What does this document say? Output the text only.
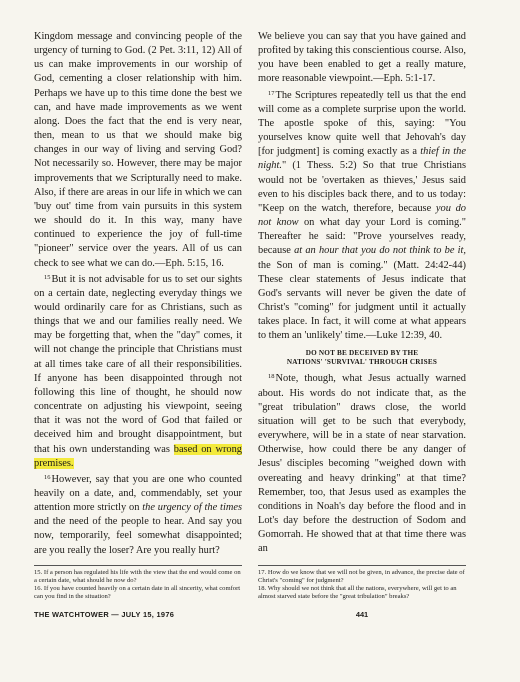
Kingdom message and convincing people of the urgency of turning to God. (2 Pet. 3:11, 12) All of us can make improvements in our worship of God, cementing a closer relationship with him. Perhaps we have up to this time done the best we can, and have made improvements as we went along. Does the fact that the end is very near, then, mean to us that we should make big changes in our way of living and serving God? Not necessarily so. However, there may be major improvements that we Scripturally need to make. Also, if there are areas in our life in which we can 'buy out' time from vain pursuits in this system we should do it. In this way, many have continued to experience the joy of full-time "pioneer" service over the years. All of us can check to see what we can do.—Eph. 5:15, 16.

$^{15}$But it is not advisable for us to set our sights on a certain date, neglecting everyday things we would ordinarily care for as Christians, such as things that we and our families really need. We may be forgetting that, when the "day" comes, it will not change the principle that Christians must at all times take care of all their responsibilities. If anyone has been disappointed through not following this line of thought, he should now concentrate on adjusting his viewpoint, seeing that it was not the word of God that failed or deceived him and brought disappointment, but that his own understanding was based on wrong premises.

$^{16}$However, say that you are one who counted heavily on a date, and, commendably, set your attention more strictly on the urgency of the times and the need of the people to hear. And say you now, temporarily, feel somewhat disappointed; are you really the loser? Are you really hurt?

We believe you can say that you have gained and profited by taking this conscientious course. Also, you have been enabled to get a really mature, more reasonable viewpoint.—Eph. 5:1-17.

$^{17}$The Scriptures repeatedly tell us that the end will come as a complete surprise upon the world. The apostle spoke of this, saying: "You yourselves know quite well that Jehovah's day [for judgment] is coming exactly as a thief in the night." (1 Thess. 5:2) So that true Christians would not be 'overtaken as thieves,' Jesus said even to his disciples back there, and to us today: "Keep on the watch, therefore, because you do not know on what day your Lord is coming." Thereafter he said: "Prove yourselves ready, because at an hour that you do not think to be it, the Son of man is coming." (Matt. 24:42-44) These clear statements of Jesus indicate that God's servants will never be given the date of Christ's "coming" for judgment until it actually takes place. In fact, it will come at what appears to them an 'unlikely' time.—Luke 12:39, 40.

DO NOT BE DECEIVED BY THE
NATIONS' 'SURVIVAL' THROUGH CRISES

$^{18}$Note, though, what Jesus actually warned about. His words do not indicate that, as the "great tribulation" draws close, the world situation will get to be such that everybody, everywhere, will be in a state of near starvation. Otherwise, how could there be any danger of Jesus' disciples becoming "weighed down with overeating and heavy drinking" at that time? Remember, too, that Jesus used as examples the conditions in Noah's day before the flood and in Lot's day before the destruction of Sodom and Gomorrah. He showed that at that time there was an

15. If a person has regulated his life with the view that the end would come on a certain date, what should he now do?
16. If you have counted heavily on a certain date in all sincerity, what comfort can you find in the situation?
17. How do we know that we will not be given, in advance, the precise date of Christ's "coming" for judgment?
18. Why should we not think that all the nations, everywhere, will get to an almost starved state before the "great tribulation" breaks?
THE WATCHTOWER — JULY 15, 1976	441
